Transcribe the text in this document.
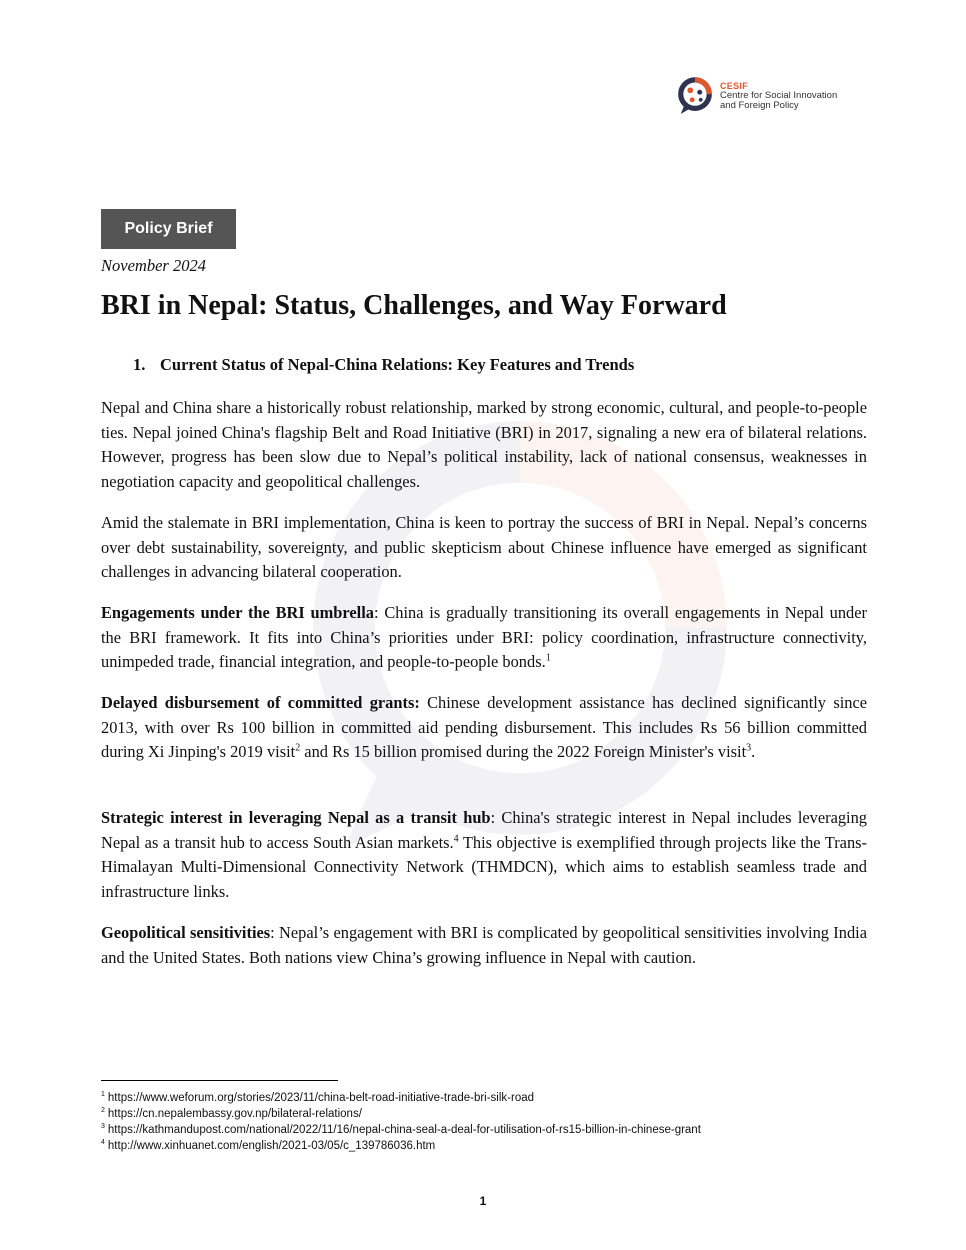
CESIF
Centre for Social Innovation
and Foreign Policy
Policy Brief
November 2024
BRI in Nepal: Status, Challenges, and Way Forward
1. Current Status of Nepal-China Relations: Key Features and Trends

Nepal and China share a historically robust relationship, marked by strong economic, cultural, and people-to-people ties. Nepal joined China's flagship Belt and Road Initiative (BRI) in 2017, signaling a new era of bilateral relations. However, progress has been slow due to Nepal’s political instability, lack of national consensus, weaknesses in negotiation capacity and geopolitical challenges.

Amid the stalemate in BRI implementation, China is keen to portray the success of BRI in Nepal. Nepal’s concerns over debt sustainability, sovereignty, and public skepticism about Chinese influence have emerged as significant challenges in advancing bilateral cooperation.

Engagements under the BRI umbrella: China is gradually transitioning its overall engagements in Nepal under the BRI framework. It fits into China’s priorities under BRI: policy coordination, infrastructure connectivity, unimpeded trade, financial integration, and people-to-people bonds.$^1$

Delayed disbursement of committed grants: Chinese development assistance has declined significantly since 2013, with over Rs 100 billion in committed aid pending disbursement. This includes Rs 56 billion committed during Xi Jinping's 2019 visit$^2$ and Rs 15 billion promised during the 2022 Foreign Minister's visit$^3$.

Strategic interest in leveraging Nepal as a transit hub: China's strategic interest in Nepal includes leveraging Nepal as a transit hub to access South Asian markets.$^4$ This objective is exemplified through projects like the Trans-Himalayan Multi-Dimensional Connectivity Network (THMDCN), which aims to establish seamless trade and infrastructure links.

Geopolitical sensitivities: Nepal’s engagement with BRI is complicated by geopolitical sensitivities involving India and the United States. Both nations view China’s growing influence in Nepal with caution.

$^1$ https://www.weforum.org/stories/2023/11/china-belt-road-initiative-trade-bri-silk-road
$^2$ https://cn.nepalembassy.gov.np/bilateral-relations/
$^3$ https://kathmandupost.com/national/2022/11/16/nepal-china-seal-a-deal-for-utilisation-of-rs15-billion-in-chinese-grant
$^4$ http://www.xinhuanet.com/english/2021-03/05/c_139786036.htm
1
